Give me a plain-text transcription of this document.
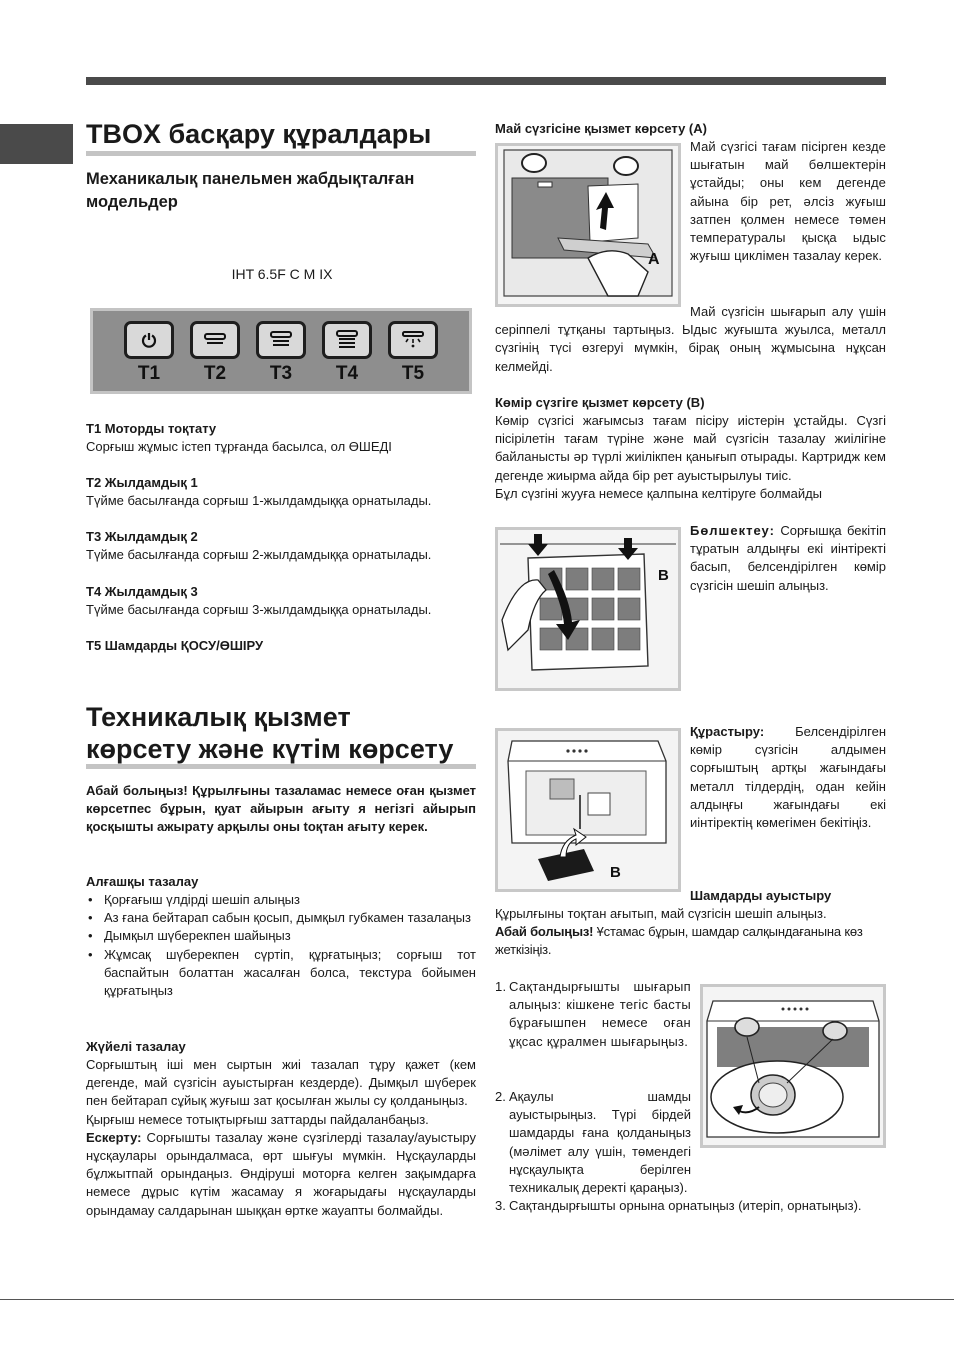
TBOX басқару құралдары

Механикалық панельмен жабдықталған модельдер

IHT 6.5F C M IX

T1	T2	T3	T4	T5

T1 Моторды тоқтату

Сорғыш жұмыс істеп тұрғанда басылса, ол ӨШЕДІ

T2 Жылдамдық 1

Түйме басылғанда сорғыш 1-жылдамдыққа орнатылады.

T3 Жылдамдық 2

Түйме басылғанда сорғыш 2-жылдамдыққа орнатылады.

T4 Жылдамдық 3

Түйме басылғанда сорғыш 3-жылдамдыққа орнатылады.

T5 Шамдарды ҚОСУ/ӨШІРУ

Техникалық қызмет
көрсету және күтім көрсету

Абай болыңыз! Құрылғыны тазаламас немесе оған қызмет көрсетпес бұрын, қуат айырын ағыту я негізгі айырып қосқышты ажырату арқылы оны toқтан ағыту керек.

Алғашқы тазалау

• Қорғағыш үлдірді шешіп алыңыз
• Аз ғана бейтарап сабын қосып, дымқыл губкамен тазалаңыз
• Дымқыл шүберекпен шайыңыз
• Жұмсақ шүберекпен сүртіп, құрғатыңыз; сорғыш тот баспайтын болаттан жасалған болса, текстура бойымен құрғатыңыз

Жүйелі тазалау

Сорғыштың іші мен сыртын жиі тазалап тұру қажет (кем дегенде, май сүзгісін ауыстырған кездерде). Дымқыл шүберек пен бейтарап сұйық жуғыш зат қосылған жылы су қолданыңыз.

Қырғыш немесе тотықтырғыш заттарды пайдаланбаңыз.

Ескерту: Сорғышты тазалау және сүзгілерді тазалау/ауыстыру нұсқаулары орындалмаса, өрт шығуы мүмкін. Нұсқауларды бұлжытпай орындаңыз. Өндіруші моторға келген зақымдарға немесе дұрыс күтім жасамау я жоғарыдағы нұсқауларды орындамау салдарынан шыққан өртке жауапты болмайды.

Май сүзгісіне қызмет көрсету (A)

A

Май сүзгісі тағам пісірген кезде шығатын май бөлшектерін ұстайды; оны кем дегенде айына бір рет, әлсіз жуғыш затпен қолмен немесе төмен температуралы қысқа ыдыс жуғыш циклімен тазалау керек.

Май сүзгісін шығарып алу үшін серіппелі тұтқаны тартыңыз. Ыдыс жуғышта жуылса, металл сүзгінің түсі өзгеруі мүмкін, бірақ оның жұмысына нұқсан келмейді.

Көмір сүзгіге қызмет көрсету (B)

Көмір сүзгісі жағымсыз тағам пісіру иістерін ұстайды. Сүзгі пісірілетін тағам түріне және май сүзгісін тазалау жиілігіне байланысты әр түрлі жиілікпен қанығып отырады. Картридж кем дегенде жиырма айда бір рет ауыстырылуы тиіс.

Бұл сүзгіні жууға немесе қалпына келтіруге болмайды

B

Бөлшектеу: Сорғышқа бекітіп тұратын алдыңғы екі иінтіректі басып, белсендірілген көмір сүзгісін шешіп алыңыз.

B

Құрастыру: Белсендірілген көмір сүзгісін алдымен сорғыштың артқы жағындағы металл тілдердің, одан кейін алдыңғы жағындағы екі иінтіректің көмегімен бекітіңіз.

Шамдарды ауыстыру

Құрылғыны тоқтан ағытып, май сүзгісін шешіп алыңыз.

Абай болыңыз! Ұстамас бұрын, шамдар салқындағанына көз жеткізіңіз.

1. Сақтандырғышты шығарып алыңыз: кішкене тегіс басты бұрағышпен немесе оған ұқсас құралмен шығарыңыз.
2. Ақаулы шамды ауыстырыңыз. Түрі бірдей шамдарды ғана қолданыңыз (мәлімет алу үшін, төмендегі нұсқаулықта берілген техникалық деректі қараңыз).
3. Сақтандырғышты орнына орнатыңыз (итеріп, орнатыңыз).
